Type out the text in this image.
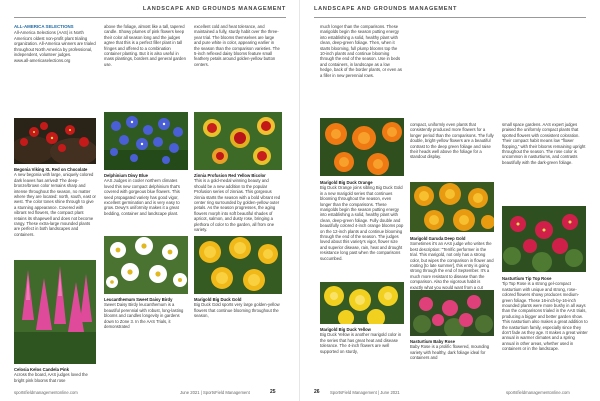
LANDSCAPE AND GROUNDS MANAGEMENT

ALL-AMERICA SELECTIONS

All-America Selections (AAS) is North America's oldest non-profit plant trialing organization. All-America winners are trialed throughout North America by professional, independent, volunteer judges.

www.all-americaselections.org

above the foliage, almost like a tall, tapered candle. Showy plumes of pink flowers keep their color all season long and the judges agree that this is a perfect filler plant in tall fringes and offered to a combination container planting. But it is also useful in mass plantings, borders and general garden use.

excellent cold and heat tolerance, and maintained a fully, sturdy habit over the three-year trial. The blooms themselves are large and pure white in color, appearing earlier in the season than the comparison varieties. The 5-inch reflexed daisy blooms feature small feathery petals around golden-yellow button centers.

Begonia Viking XL Red on Chocolate
A new begonia with large, uniquely colored dark leaves has arrived! The deep-bronze/brown color remains sharp and intense throughout the season, no matter where they are located: north, south, east or west. The color tones shine through to give a stunning appearance. Covered with vibrant red flowers, the compact plant retains its shapewell and does not become rangy. These extra-large mounded plants are perfect in both landscapes and containers.
Delphinium Diwy Blue
AAS Judges in cooler northern climates loved this new compact delphinium that's covered with gorgeous blue flowers. This seed propagated variety has good vigor, excellent germination and is very easy to grow. Dewy's uniformity makes it a great bedding, container and landscape plant.
Zinnia Profusion Red Yellow Bicolor
This is a gold-medal winning beauty and should be a new addition to the popular Profusion series of zinnias. This gorgeous zinnia starts the season with a bold vibrant red center ring surrounded by golden-yellow outer petals. As the season progresses, the aging flowers morph into soft beautiful shades of apricot, salmon, and dusty rose, bringing a plethora of color to the garden, all from one variety.
Celosia Kelos Candela Pink
Across the board, AAS judges loved the bright pink blooms that rose
Leucanthemum Sweet Daisy Birdy
Sweet Daisy Birdy leucanthemum is a beautiful perennial with robust, long-lasting blooms and candles longevity in gardens down to Zone 3. In the AAS Trials, it demonstrated
Marigold Big Duck Gold
Big Duck Gold sports very large golden-yellow flowers that continue blooming throughout the season,
sportsfieldmanagementonline.com	June 2021 | SportsField Management	25
LANDSCAPE AND GROUNDS MANAGEMENT

much longer than the comparisons. These marigolds begin the season putting energy into establishing a solid, healthy plant with clean, deep-green foliage. Then, when it starts blooming, full plump blooms top the 10-inch plants and continue blooming through the end of the season. Use in beds and containers, in landscape as a low hedge, back of the border plants, or even as a filler in new perennial rows.

compact, uniformly even plants that consistently produced more flowers for a longer period than the comparisons. The fully double, bright-yellow flowers are a beautiful contrast to the deep green foliage and raise their heads well above the foliage for a standout display.

small space gardens. AAS expert judges praised the uniformly compact plants that sported flowers with consistent coloration. Their compact habit means low "flower flopping," with their blooms remaining upright throughout the season. The rose color is uncommon in nasturtiums, and contrasts beautifully with the dark-green foliage.

Marigold Big Duck Orange
Big Duck Orange joins sibling Big Duck Gold in a new marigold series that continues blooming throughout the season, even longer than the comparisons. These marigolds begin the season putting energy into establishing a solid, healthy plant with clean, deep-green foliage. Fully double and beautifully colored 4-inch orange blooms pop on the 12-inch plants and continue blooming through the end of the season. The judges loved about this variety's vigor, flower size and superior disease, rain, heat and drought resistance long past when the comparisons succumbed.
Marigold Garuda Deep Gold
Sometimes it's an AAS judge who writes the best description: "Terrific performer in the trial. This marigold, not only has a strong color, but wipes the comparison in flower and rooting [to late summer], this entry is going strong through the end of September. It's a much more resistant to disease than the comparison. Also the vigorous habit is exactly what you would want from a cut
Nasturtium Tip Top Rose
Tip Top Rose is a strong gel-compact nasturtium with unique and strong, rose-colored flowers showy produces medium-green foliage. These 16-inch-by-16-inch mounded plants were more bushy in all ways than the comparisons trialed in the AAS trials, producing a bigger and better garden show. This nasturtium also makes a great addition to the nasturtium family, especially since they don't fade as they age. It makes a great winter annual in warmer climates and a spring annual in other areas, whether used in containers or in the landscape.
Marigold Big Duck Yellow
Big Duck Yellow is another marigold color in the series that has great heat and disease tolerance. The 4-inch flowers are well supported on sturdy,
Nasturtium Baby Rose
Baby Rose is a prolific flowered, mounding variety with healthy, dark foliage ideal for containers and
26 SportsField Management | June 2021	sportsfieldmanagementonline.com
